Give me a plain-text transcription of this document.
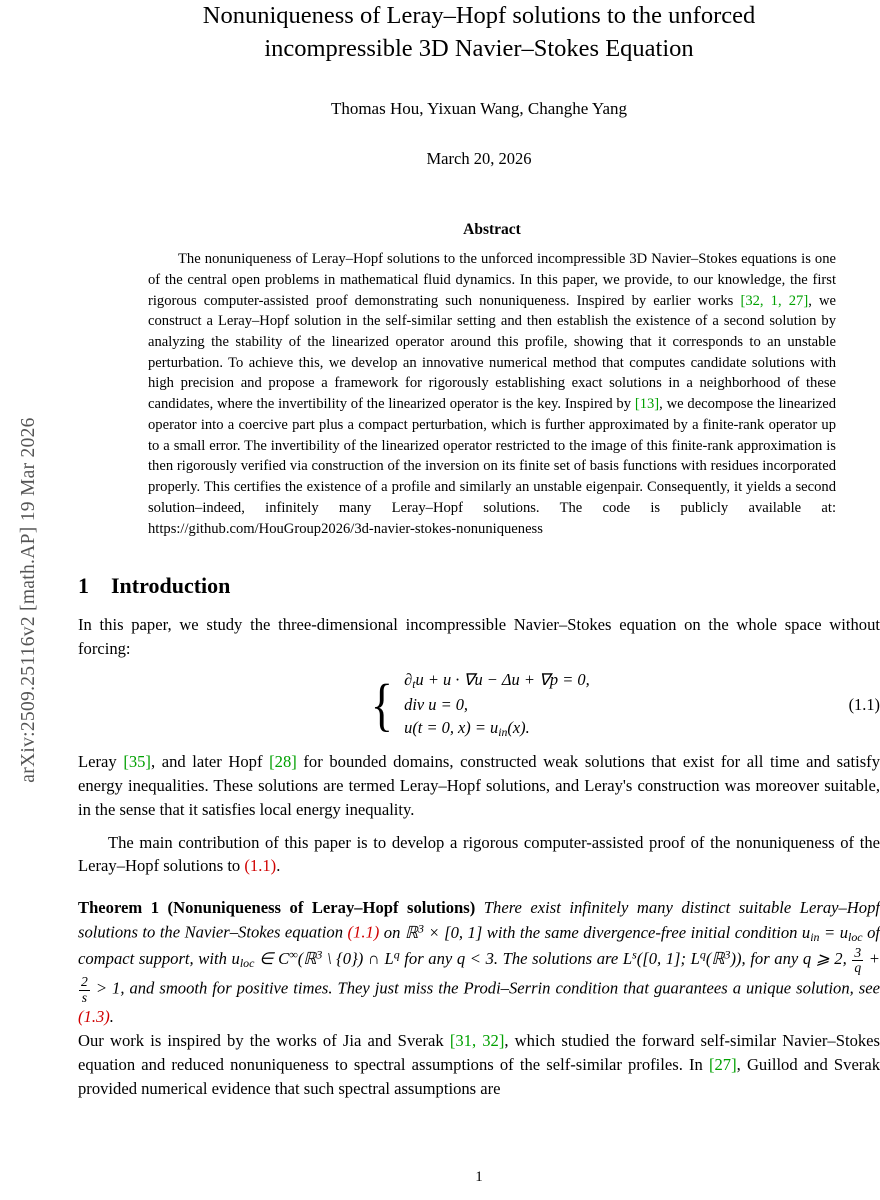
arXiv:2509.25116v2 [math.AP] 19 Mar 2026
Nonuniqueness of Leray–Hopf solutions to the unforced
incompressible 3D Navier–Stokes Equation
Thomas Hou, Yixuan Wang, Changhe Yang
March 20, 2026
Abstract
The nonuniqueness of Leray–Hopf solutions to the unforced incompressible 3D Navier–Stokes equations is one of the central open problems in mathematical fluid dynamics. In this paper, we provide, to our knowledge, the first rigorous computer-assisted proof demonstrating such nonuniqueness. Inspired by earlier works [32, 1, 27], we construct a Leray–Hopf solution in the self-similar setting and then establish the existence of a second solution by analyzing the stability of the linearized operator around this profile, showing that it corresponds to an unstable perturbation. To achieve this, we develop an innovative numerical method that computes candidate solutions with high precision and propose a framework for rigorously establishing exact solutions in a neighborhood of these candidates, where the invertibility of the linearized operator is the key. Inspired by [13], we decompose the linearized operator into a coercive part plus a compact perturbation, which is further approximated by a finite-rank operator up to a small error. The invertibility of the linearized operator restricted to the image of this finite-rank approximation is then rigorously verified via construction of the inversion on its finite set of basis functions with residues incorporated properly. This certifies the existence of a profile and similarly an unstable eigenpair. Consequently, it yields a second solution–indeed, infinitely many Leray–Hopf solutions. The code is publicly available at: https://github.com/HouGroup2026/3d-navier-stokes-nonuniqueness
1 Introduction

In this paper, we study the three-dimensional incompressible Navier–Stokes equation on the whole space without forcing:

{ $\partial_tu + u \cdot \nabla u - \Delta u + \nabla p = 0$,
div u = 0,
u(t = 0, $x) = u_{in}(x)$.
(1.1)

Leray [35], and later Hopf [28] for bounded domains, constructed weak solutions that exist for all time and satisfy energy inequalities. These solutions are termed Leray–Hopf solutions, and Leray's construction was moreover suitable, in the sense that it satisfies local energy inequality.

The main contribution of this paper is to develop a rigorous computer-assisted proof of the nonuniqueness of the Leray–Hopf solutions to (1.1).

Theorem 1 (Nonuniqueness of Leray–Hopf solutions) There exist infinitely many distinct suitable Leray–Hopf solutions to the Navier–Stokes equation (1.1) on ℝ$^3$ × [0, 1] with the same divergence-free initial condition $u_{in} = u_{loc}$ of compact support, with $u_{loc}$ ∈ C∞(ℝ$^3$ \ {0}) ∩ $L^q$ for any q < 3. The solutions are $L^s([0$, 1]; $L^q(ℝ^3)$), for any q ⩾ 2, $\frac{3}{q}$ +
$\frac{2}{s} > 1$, and smooth for positive times. They just miss the Prodi–Serrin condition that guarantees a unique solution, see (1.3).

Our work is inspired by the works of Jia and Sverak [31, 32], which studied the forward self-similar Navier–Stokes equation and reduced nonuniqueness to spectral assumptions of the self-similar profiles. In [27], Guillod and Sverak provided numerical evidence that such spectral assumptions are

1
